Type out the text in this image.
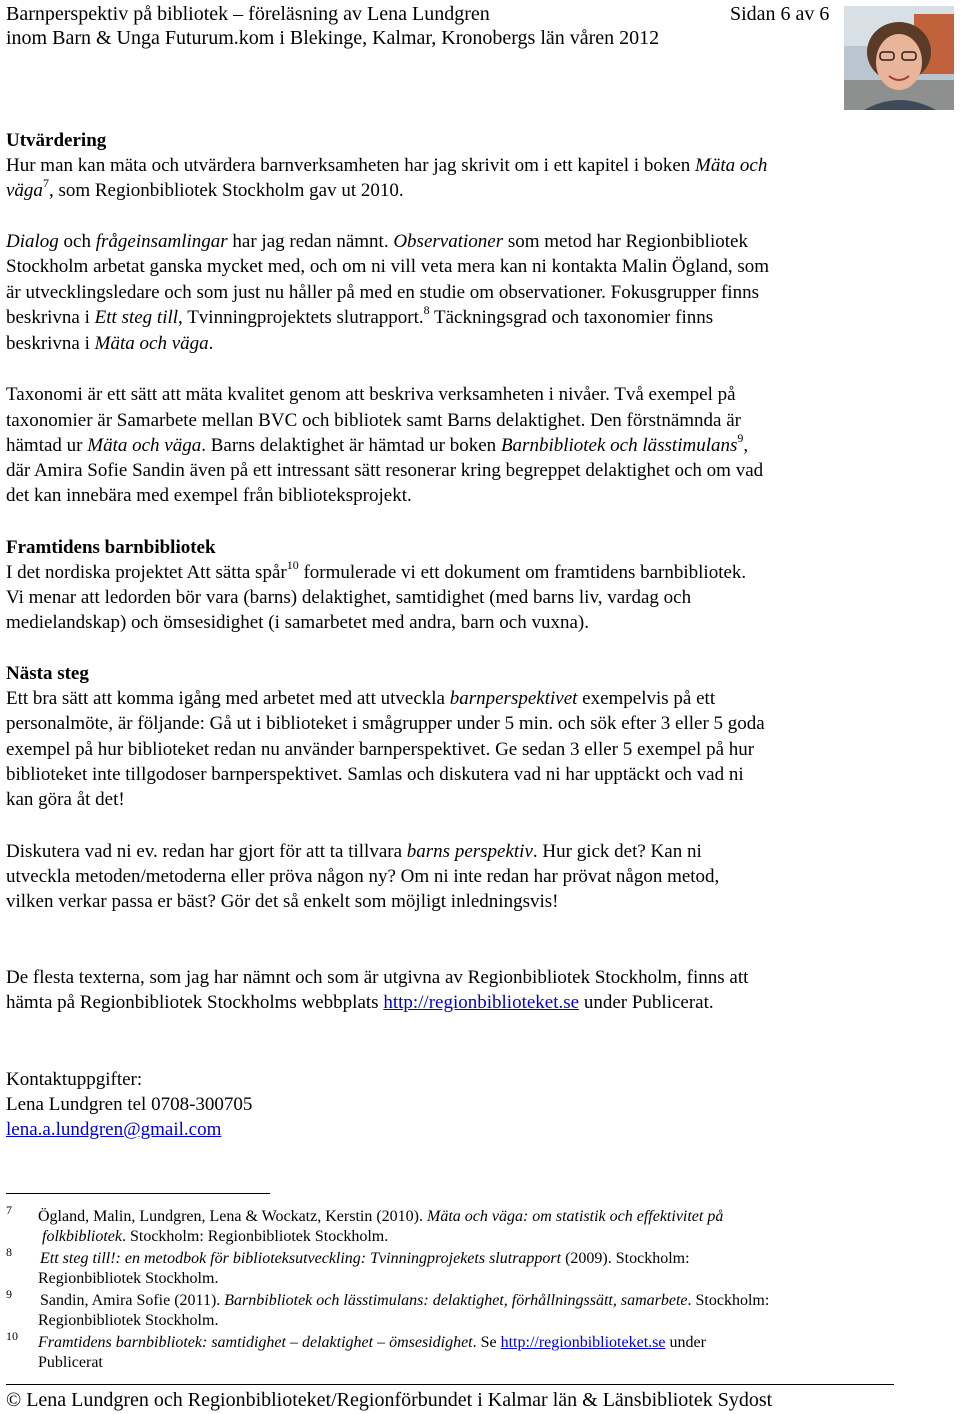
Barnperspektiv på bibliotek – föreläsning av Lena Lundgren	Sidan 6 av 6
inom Barn & Unga Futurum.kom i Blekinge, Kalmar, Kronobergs län våren 2012
Utvärdering
Hur man kan mäta och utvärdera barnverksamheten har jag skrivit om i ett kapitel i boken Mäta och
väga$^7$, som Regionbibliotek Stockholm gav ut 2010.
Dialog och frågeinsamlingar har jag redan nämnt. Observationer som metod har Regionbibliotek
Stockholm arbetat ganska mycket med, och om ni vill veta mera kan ni kontakta Malin Ögland, som
är utvecklingsledare och som just nu håller på med en studie om observationer. Fokusgrupper finns
beskrivna i Ett steg till, Tvinningprojektets slutrapport.$^8$ Täckningsgrad och taxonomier finns
beskrivna i Mäta och väga.
Taxonomi är ett sätt att mäta kvalitet genom att beskriva verksamheten i nivåer. Två exempel på
taxonomier är Samarbete mellan BVC och bibliotek samt Barns delaktighet. Den förstnämnda är
hämtad ur Mäta och väga. Barns delaktighet är hämtad ur boken Barnbibliotek och lässtimulans$^9$,
där Amira Sofie Sandin även på ett intressant sätt resonerar kring begreppet delaktighet och om vad
det kan innebära med exempel från biblioteksprojekt.
Framtidens barnbibliotek
I det nordiska projektet Att sätta spår$^{10}$ formulerade vi ett dokument om framtidens barnbibliotek.
Vi menar att ledorden bör vara (barns) delaktighet, samtidighet (med barns liv, vardag och
medielandskap) och ömsesidighet (i samarbetet med andra, barn och vuxna).
Nästa steg
Ett bra sätt att komma igång med arbetet med att utveckla barnperspektivet exempelvis på ett
personalmöte, är följande: Gå ut i biblioteket i smågrupper under 5 min. och sök efter 3 eller 5 goda
exempel på hur biblioteket redan nu använder barnperspektivet. Ge sedan 3 eller 5 exempel på hur
biblioteket inte tillgodoser barnperspektivet. Samlas och diskutera vad ni har upptäckt och vad ni
kan göra åt det!
Diskutera vad ni ev. redan har gjort för att ta tillvara barns perspektiv. Hur gick det? Kan ni
utveckla metoden/metoderna eller pröva någon ny? Om ni inte redan har prövat någon metod,
vilken verkar passa er bäst? Gör det så enkelt som möjligt inledningsvis!
De flesta texterna, som jag har nämnt och som är utgivna av Regionbibliotek Stockholm, finns att
hämta på Regionbibliotek Stockholms webbplats http://regionbiblioteket.se under Publicerat.
Kontaktuppgifter:
Lena Lundgren tel 0708-300705
lena.a.lundgren@gmail.com
7 Ögland, Malin, Lundgren, Lena & Wockatz, Kerstin (2010). Mäta och väga: om statistik och effektivitet på
folkbibliotek. Stockholm: Regionbibliotek Stockholm.
8 Ett steg till!: en metodbok för biblioteksutveckling: Tvinningprojekets slutrapport (2009). Stockholm:
Regionbibliotek Stockholm.
9 Sandin, Amira Sofie (2011). Barnbibliotek och lässtimulans: delaktighet, förhållningssätt, samarbete. Stockholm:
Regionbibliotek Stockholm.
10 Framtidens barnbibliotek: samtidighet – delaktighet – ömsesidighet. Se http://regionbiblioteket.se under
Publicerat
© Lena Lundgren och Regionbiblioteket/Regionförbundet i Kalmar län & Länsbibliotek Sydost
